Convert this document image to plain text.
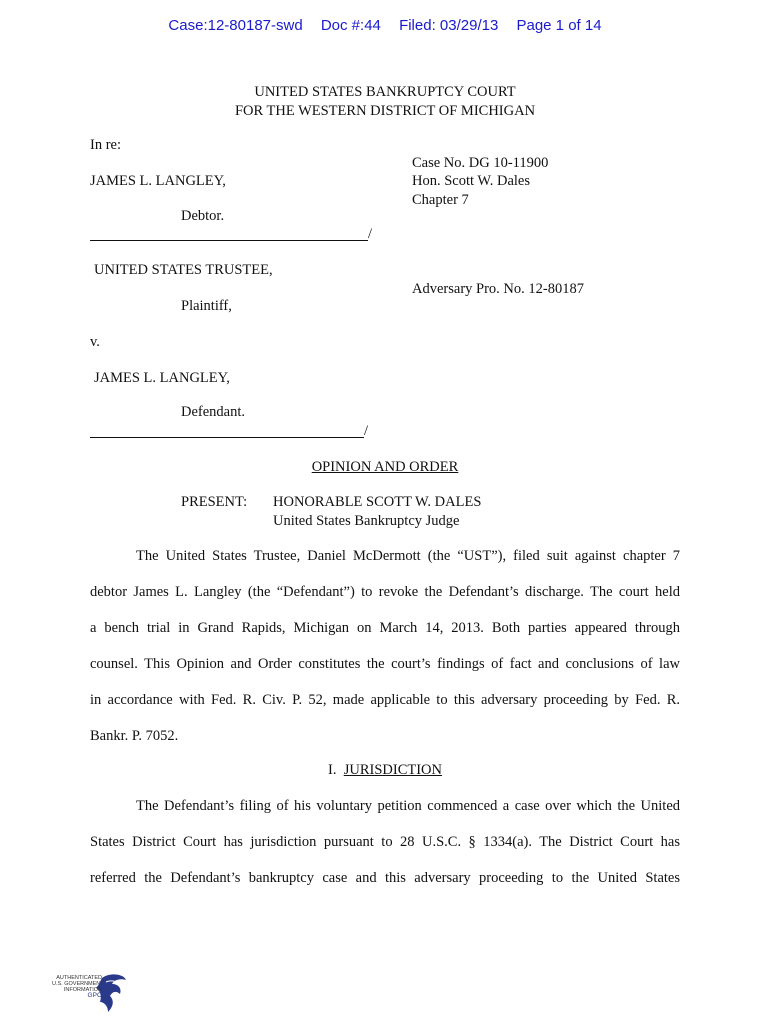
Case:12-80187-swd Doc #:44 Filed: 03/29/13 Page 1 of 14
UNITED STATES BANKRUPTCY COURT
FOR THE WESTERN DISTRICT OF MICHIGAN
In re:
JAMES L. LANGLEY,
Debtor.
/
Case No. DG 10-11900
Hon. Scott W. Dales
Chapter 7
UNITED STATES TRUSTEE,
Plaintiff,
Adversary Pro. No. 12-80187
v.
JAMES L. LANGLEY,
Defendant.
/
OPINION AND ORDER
PRESENT: HONORABLE SCOTT W. DALES
United States Bankruptcy Judge
The United States Trustee, Daniel McDermott (the “UST”), filed suit against chapter 7
debtor James L. Langley (the “Defendant”) to revoke the Defendant’s discharge. The court held
a bench trial in Grand Rapids, Michigan on March 14, 2013. Both parties appeared through
counsel. This Opinion and Order constitutes the court’s findings of fact and conclusions of law
in accordance with Fed. R. Civ. P. 52, made applicable to this adversary proceeding by Fed. R.
Bankr. P. 7052.
I. JURISDICTION
The Defendant’s filing of his voluntary petition commenced a case over which the United
States District Court has jurisdiction pursuant to 28 U.S.C. § 1334(a). The District Court has
referred the Defendant’s bankruptcy case and this adversary proceeding to the United States
AUTHENTICATED
U.S. GOVERNMENT
INFORMATION
GPO
